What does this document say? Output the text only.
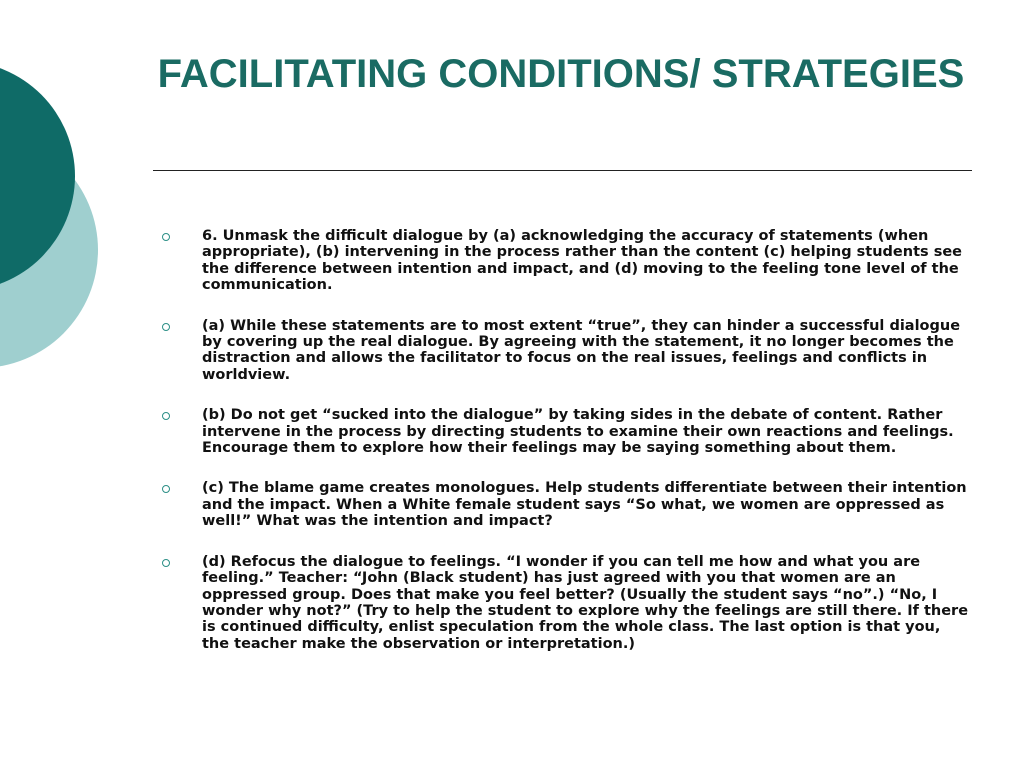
FACILITATING CONDITIONS/ STRATEGIES
6. Unmask the difficult dialogue by (a) acknowledging the accuracy of statements (when appropriate), (b) intervening in the process rather than the content (c) helping students see the difference between intention and impact, and (d) moving to the feeling tone level of the communication.
(a) While these statements are to most extent “true”, they can hinder a successful dialogue by covering up the real dialogue. By agreeing with the statement, it no longer becomes the distraction and allows the facilitator to focus on the real issues, feelings and conflicts in worldview.
(b) Do not get “sucked into the dialogue” by taking sides in the debate of content. Rather intervene in the process by directing students to examine their own reactions and feelings. Encourage them to explore how their feelings may be saying something about them.
(c) The blame game creates monologues. Help students differentiate between their intention and the impact. When a White female student says “So what, we women are oppressed as well!” What was the intention and impact?
(d) Refocus the dialogue to feelings. “I wonder if you can tell me how and what you are feeling.” Teacher: “John (Black student) has just agreed with you that women are an oppressed group. Does that make you feel better? (Usually the student says “no”.) “No, I wonder why not?” (Try to help the student to explore why the feelings are still there. If there is continued difficulty, enlist speculation from the whole class. The last option is that you, the teacher make the observation or interpretation.)
